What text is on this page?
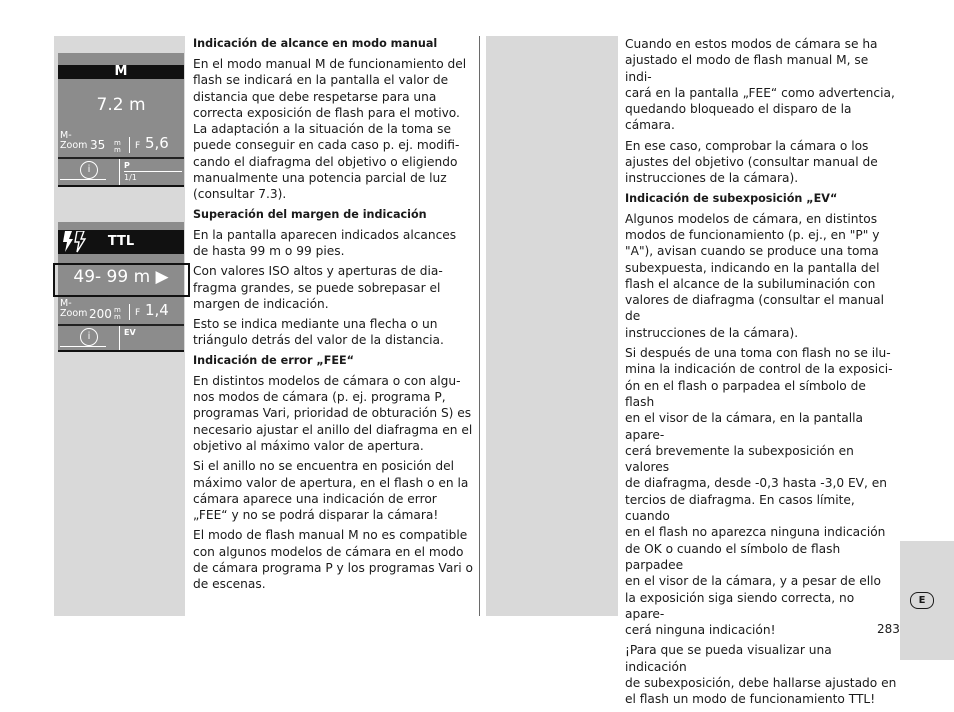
M
7.2 m
M-
Zoom 35 m
m F 5,6
i	P
1/1
TTL
49- 99 m ▶
M-
Zoom 200 m
m F 1,4
i	EV
Indicación de alcance en modo manual

En el modo manual M de funcionamiento del
flash se indicará en la pantalla el valor de
distancia que debe respetarse para una
correcta exposición de flash para el motivo.
La adaptación a la situación de la toma se
puede conseguir en cada caso p. ej. modifi-
cando el diafragma del objetivo o eligiendo
manualmente una potencia parcial de luz
(consultar 7.3).

Superación del margen de indicación

En la pantalla aparecen indicados alcances
de hasta 99 m o 99 pies.

Con valores ISO altos y aperturas de dia-
fragma grandes, se puede sobrepasar el
margen de indicación.

Esto se indica mediante una flecha o un
triángulo detrás del valor de la distancia.

Indicación de error „FEE“

En distintos modelos de cámara o con algu-
nos modos de cámara (p. ej. programa P,
programas Vari, prioridad de obturación S) es
necesario ajustar el anillo del diafragma en el
objetivo al máximo valor de apertura.

Si el anillo no se encuentra en posición del
máximo valor de apertura, en el flash o en la
cámara aparece una indicación de error
„FEE“ y no se podrá disparar la cámara!

El modo de flash manual M no es compatible
con algunos modelos de cámara en el modo
de cámara programa P y los programas Vari o
de escenas.

Cuando en estos modos de cámara se ha
ajustado el modo de flash manual M, se indi-
cará en la pantalla „FEE“ como advertencia,
quedando bloqueado el disparo de la
cámara.

En ese caso, comprobar la cámara o los
ajustes del objetivo (consultar manual de
instrucciones de la cámara).

Indicación de subexposición „EV“

Algunos modelos de cámara, en distintos
modos de funcionamiento (p. ej., en "P" y
"A"), avisan cuando se produce una toma
subexpuesta, indicando en la pantalla del
flash el alcance de la subiluminación con
valores de diafragma (consultar el manual de
instrucciones de la cámara).

Si después de una toma con flash no se ilu-
mina la indicación de control de la exposici-
ón en el flash o parpadea el símbolo de flash
en el visor de la cámara, en la pantalla apare-
cerá brevemente la subexposición en valores
de diafragma, desde -0,3 hasta -3,0 EV, en
tercios de diafragma. En casos límite, cuando
en el flash no aparezca ninguna indicación
de OK o cuando el símbolo de flash parpadee
en el visor de la cámara, y a pesar de ello
la exposición siga siendo correcta, no apare-
cerá ninguna indicación!

¡Para que se pueda visualizar una indicación
de subexposición, debe hallarse ajustado en
el flash un modo de funcionamiento TTL!

E
283
